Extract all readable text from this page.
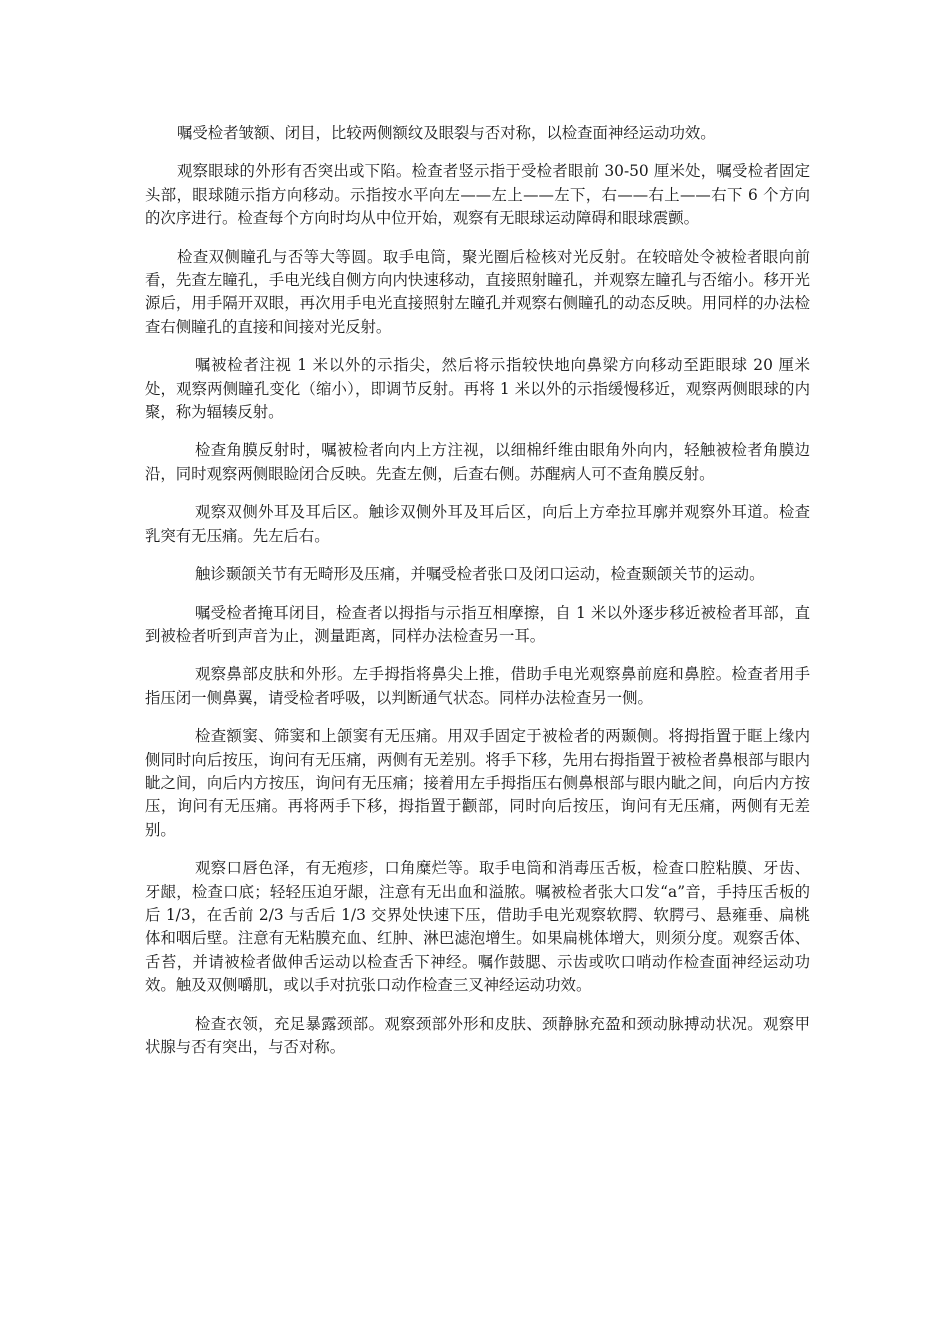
嘱受检者皱额、闭目，比较两侧额纹及眼裂与否对称，以检查面神经运动功效。

观察眼球的外形有否突出或下陷。检查者竖示指于受检者眼前 30-50 厘米处，嘱受检者固定头部，眼球随示指方向移动。示指按水平向左——左上——左下，右——右上——右下 6 个方向的次序进行。检查每个方向时均从中位开始，观察有无眼球运动障碍和眼球震颤。

检查双侧瞳孔与否等大等圆。取手电筒，聚光圈后检核对光反射。在较暗处令被检者眼向前看，先查左瞳孔，手电光线自侧方向内快速移动，直接照射瞳孔，并观察左瞳孔与否缩小。移开光源后，用手隔开双眼，再次用手电光直接照射左瞳孔并观察右侧瞳孔的动态反映。用同样的办法检查右侧瞳孔的直接和间接对光反射。

嘱被检者注视 1 米以外的示指尖，然后将示指较快地向鼻梁方向移动至距眼球 20 厘米处，观察两侧瞳孔变化（缩小），即调节反射。再将 1 米以外的示指缓慢移近，观察两侧眼球的内聚，称为辐辏反射。

检查角膜反射时，嘱被检者向内上方注视，以细棉纤维由眼角外向内，轻触被检者角膜边沿，同时观察两侧眼睑闭合反映。先查左侧，后查右侧。苏醒病人可不查角膜反射。

观察双侧外耳及耳后区。触诊双侧外耳及耳后区，向后上方牵拉耳廓并观察外耳道。检查乳突有无压痛。先左后右。

触诊颞颌关节有无畸形及压痛，并嘱受检者张口及闭口运动，检查颞颌关节的运动。

嘱受检者掩耳闭目，检查者以拇指与示指互相摩擦，自 1 米以外逐步移近被检者耳部，直到被检者听到声音为止，测量距离，同样办法检查另一耳。

观察鼻部皮肤和外形。左手拇指将鼻尖上推，借助手电光观察鼻前庭和鼻腔。检查者用手指压闭一侧鼻翼，请受检者呼吸，以判断通气状态。同样办法检查另一侧。

检查额窦、筛窦和上颌窦有无压痛。用双手固定于被检者的两颞侧。将拇指置于眶上缘内侧同时向后按压，询问有无压痛，两侧有无差别。将手下移，先用右拇指置于被检者鼻根部与眼内眦之间，向后内方按压，询问有无压痛；接着用左手拇指压右侧鼻根部与眼内眦之间，向后内方按压，询问有无压痛。再将两手下移，拇指置于颧部，同时向后按压，询问有无压痛，两侧有无差别。

观察口唇色泽，有无疱疹，口角糜烂等。取手电筒和消毒压舌板，检查口腔粘膜、牙齿、牙龈，检查口底；轻轻压迫牙龈，注意有无出血和溢脓。嘱被检者张大口发“a”音，手持压舌板的后 1/3，在舌前 2/3 与舌后 1/3 交界处快速下压，借助手电光观察软腭、软腭弓、悬雍垂、扁桃体和咽后壁。注意有无粘膜充血、红肿、淋巴滤泡增生。如果扁桃体增大，则须分度。观察舌体、舌苔，并请被检者做伸舌运动以检查舌下神经。嘱作鼓腮、示齿或吹口哨动作检查面神经运动功效。触及双侧嚼肌，或以手对抗张口动作检查三叉神经运动功效。

检查衣领，充足暴露颈部。观察颈部外形和皮肤、颈静脉充盈和颈动脉搏动状况。观察甲状腺与否有突出，与否对称。
